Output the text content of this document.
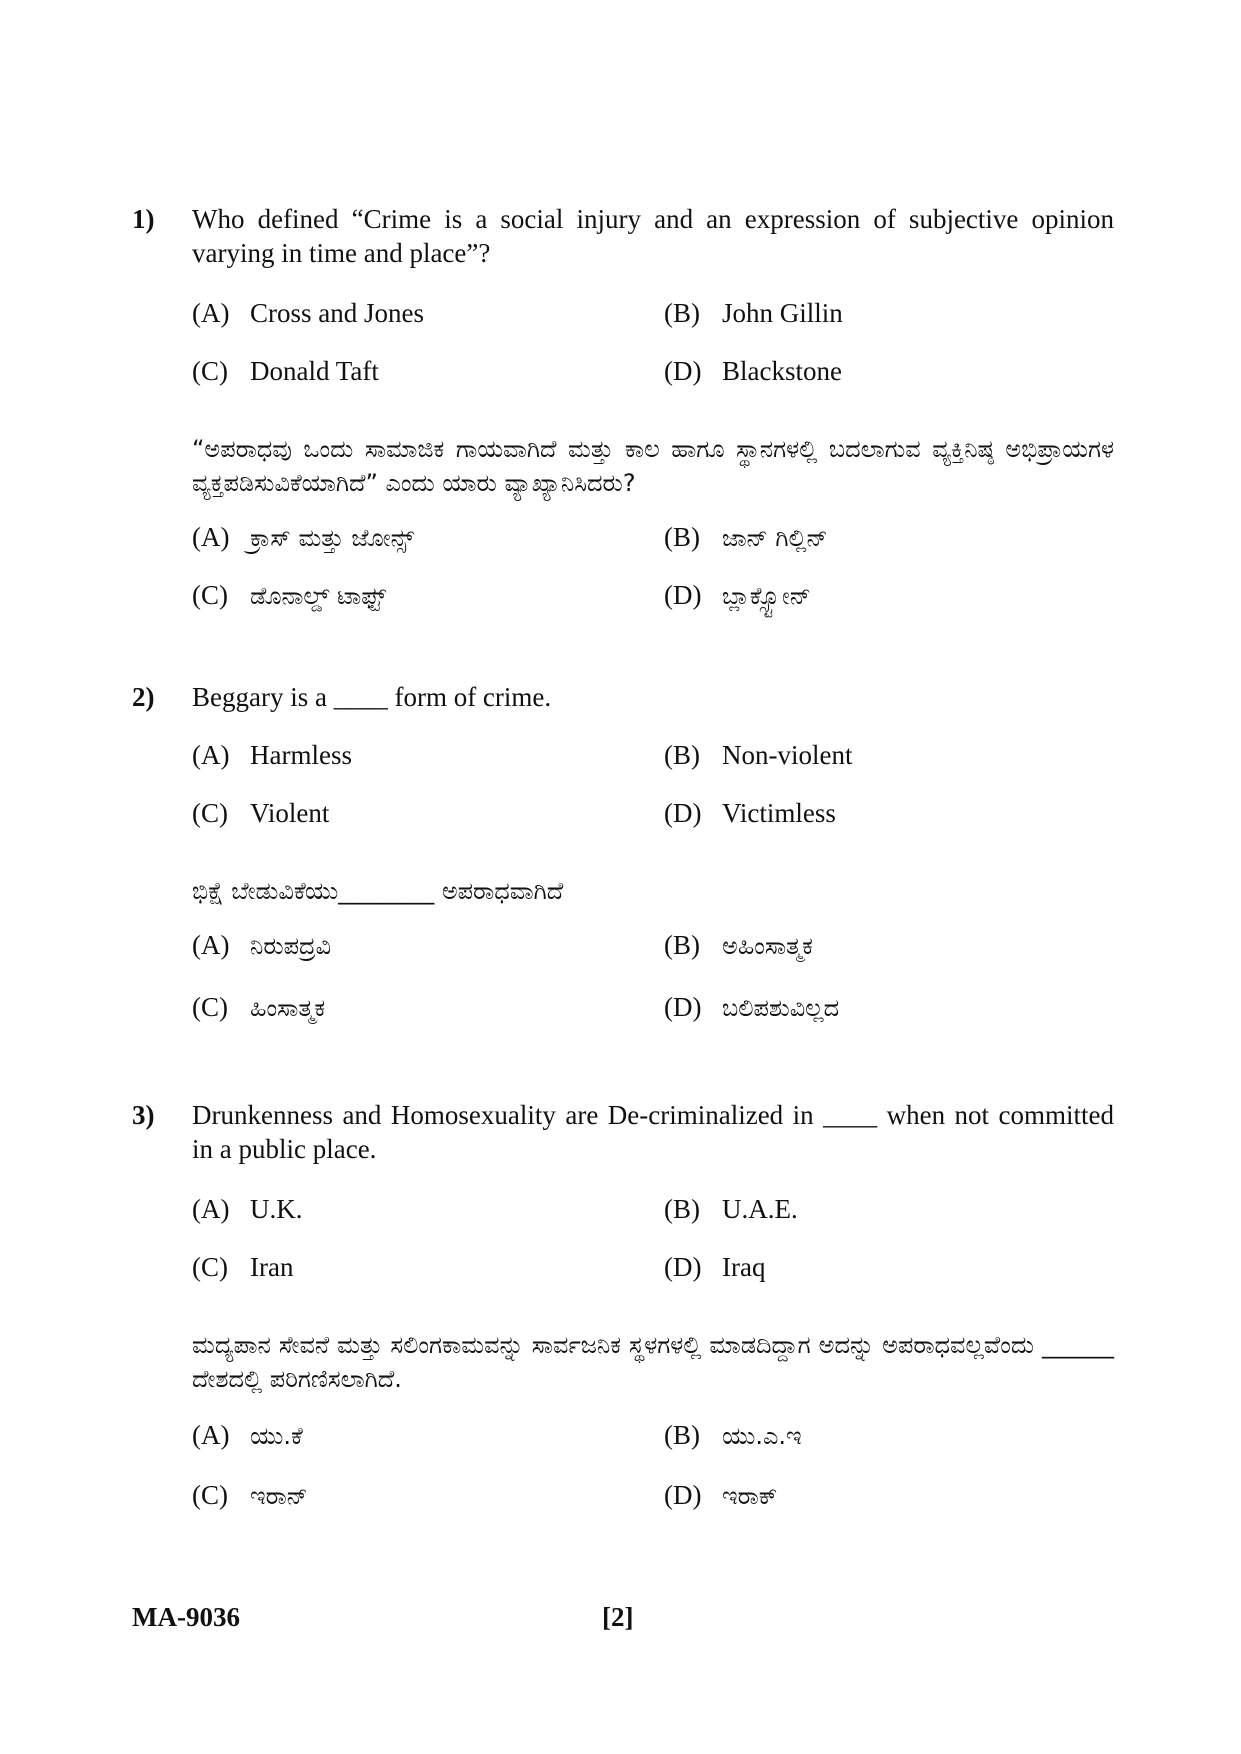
1) Who defined “Crime is a social injury and an expression of subjective opinion varying in time and place”?

(A) Cross and Jones	(B) John Gillin
(C) Donald Taft	(D) Blackstone

“ಅಪರಾಧವು ಒಂದು ಸಾಮಾಜಿಕ ಗಾಯವಾಗಿದೆ ಮತ್ತು ಕಾಲ ಹಾಗೂ ಸ್ಥಾನಗಳಲ್ಲಿ ಬದಲಾಗುವ ವ್ಯಕ್ತಿನಿಷ್ಠ ಅಭಿಪ್ರಾಯಗಳ ವ್ಯಕ್ತಪಡಿಸುವಿಕೆಯಾಗಿದೆ” ಎಂದು ಯಾರು ವ್ಯಾಖ್ಯಾನಿಸಿದರು?

(A) ಕ್ರಾಸ್ ಮತ್ತು ಜೋನ್ಸ್	(B) ಜಾನ್ ಗಿಲ್ಲಿನ್
(C) ಡೊನಾಲ್ಡ್ ಟಾಫ್ಟ್	(D) ಬ್ಲಾಕ್ಸ್ಟೋನ್
2) Beggary is a ____ form of crime.

(A) Harmless	(B) Non-violent
(C) Violent	(D) Victimless

ಭಿಕ್ಷೆ ಬೇಡುವಿಕೆಯು________ ಅಪರಾಧವಾಗಿದೆ

(A) ನಿರುಪದ್ರವಿ	(B) ಅಹಿಂಸಾತ್ಮಕ
(C) ಹಿಂಸಾತ್ಮಕ	(D) ಬಲಿಪಶುವಿಲ್ಲದ
3) Drunkenness and Homosexuality are De-criminalized in ____ when not committed in a public place.

(A) U.K.	(B) U.A.E.
(C) Iran	(D) Iraq

ಮದ್ಯಪಾನ ಸೇವನೆ ಮತ್ತು ಸಲಿಂಗಕಾಮವನ್ನು ಸಾರ್ವಜನಿಕ ಸ್ಥಳಗಳಲ್ಲಿ ಮಾಡದಿದ್ದಾಗ ಅದನ್ನು ಅಪರಾಧವಲ್ಲವೆಂದು ______ ದೇಶದಲ್ಲಿ ಪರಿಗಣಿಸಲಾಗಿದೆ.

(A) ಯು.ಕೆ	(B) ಯು.ಎ.ಇ
(C) ಇರಾನ್	(D) ಇರಾಕ್
MA-9036	[2]
